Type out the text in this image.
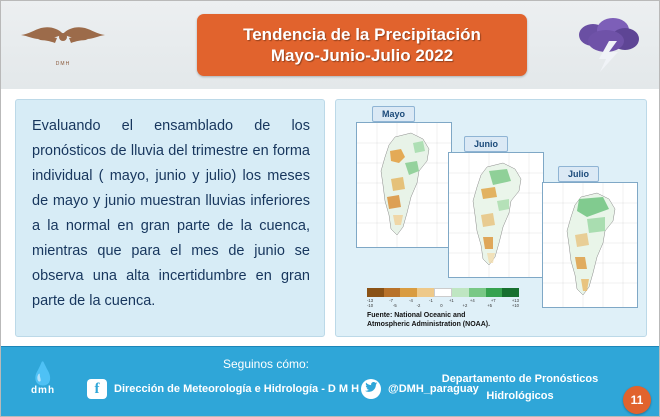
DMH
Tendencia de la Precipitación
Mayo-Junio-Julio 2022

Evaluando el ensamblado de los pronósticos de lluvia del trimestre en forma individual ( mayo, junio y julio) los meses de mayo y junio muestran lluvias inferiores a la normal en gran parte de la cuenca, mientras que para el mes de junio se observa una alta incertidumbre en gran parte de la cuenca.

Mayo
Junio
Julio
-13	-7	-4	-1	+1	+4	+7	+13
-10	-5	-2	0	+2	+5	+10
Fuente: National Oceanic and
Atmospheric Administration (NOAA).
💧
dmh
Seguinos cómo:
f	Dirección de Meteorología e Hidrología - D M H	@DMH_paraguay
Departamento de Pronósticos
Hidrológicos	11
